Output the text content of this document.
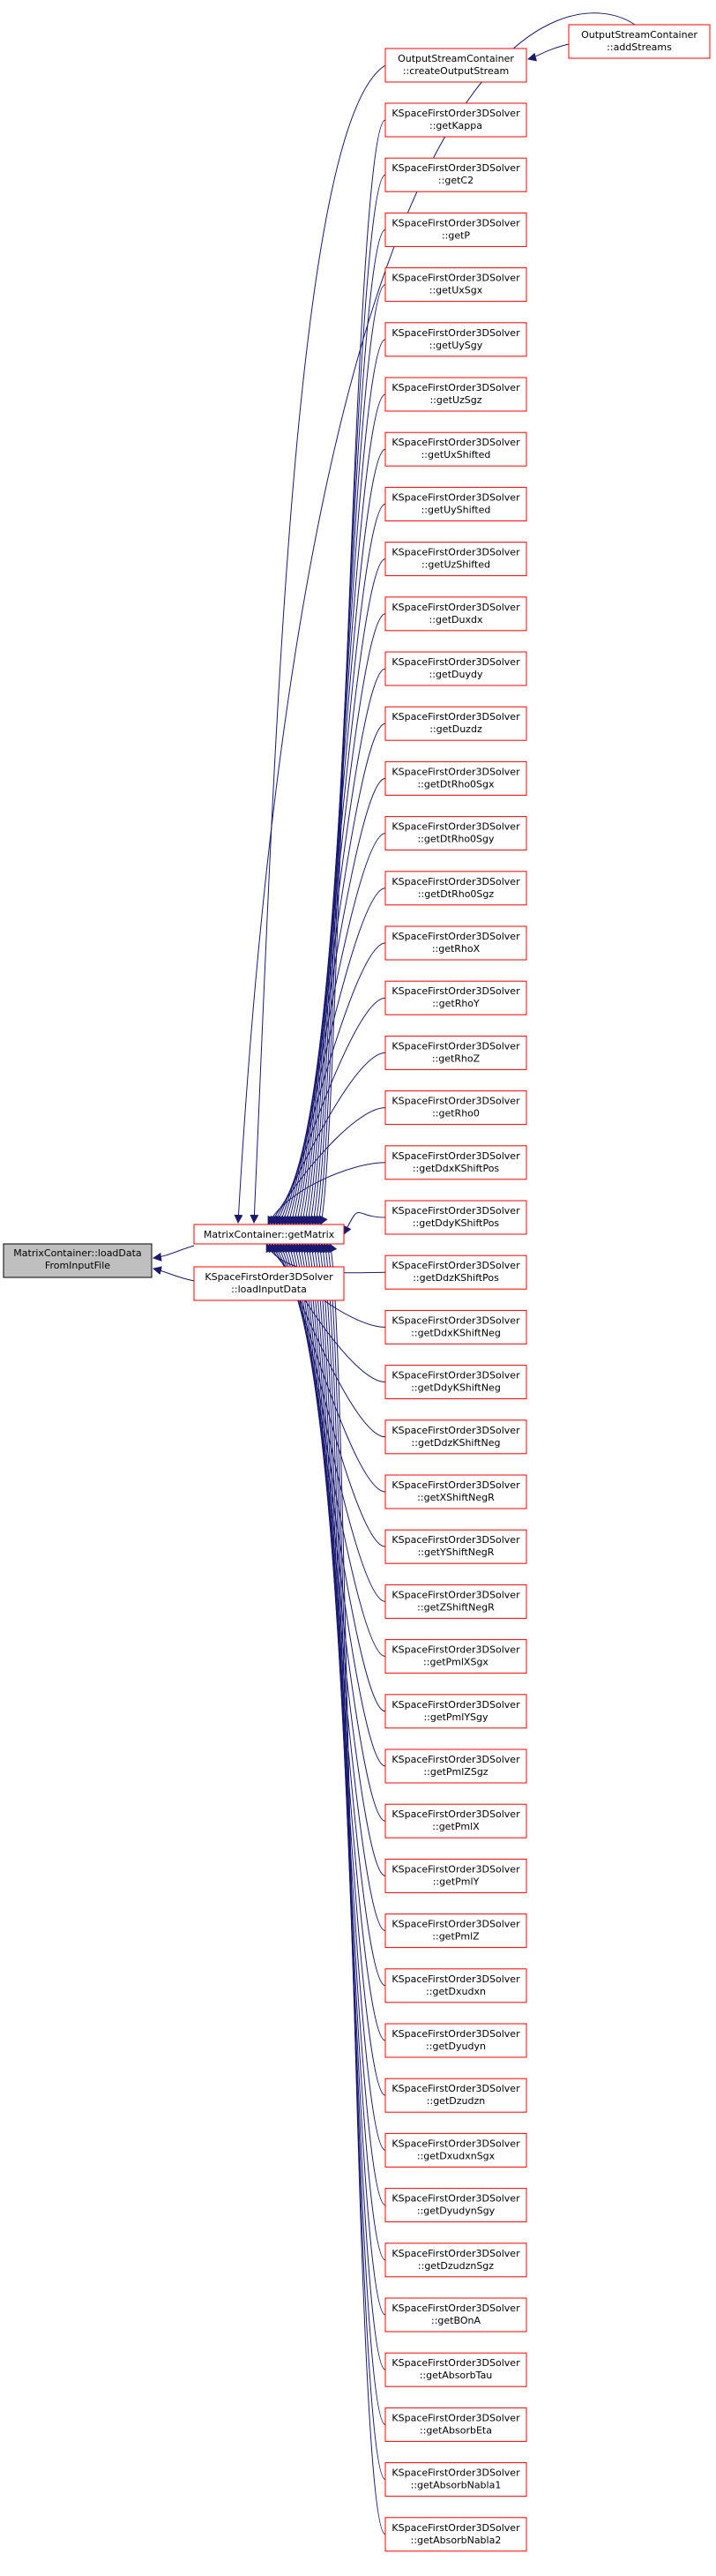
MatrixContainer::loadData
FromInputFile
MatrixContainer::getMatrix
KSpaceFirstOrder3DSolver
::loadInputData
OutputStreamContainer
::createOutputStream
OutputStreamContainer
::addStreams
KSpaceFirstOrder3DSolver
::getKappa
KSpaceFirstOrder3DSolver
::getC2
KSpaceFirstOrder3DSolver
::getP
KSpaceFirstOrder3DSolver
::getUxSgx
KSpaceFirstOrder3DSolver
::getUySgy
KSpaceFirstOrder3DSolver
::getUzSgz
KSpaceFirstOrder3DSolver
::getUxShifted
KSpaceFirstOrder3DSolver
::getUyShifted
KSpaceFirstOrder3DSolver
::getUzShifted
KSpaceFirstOrder3DSolver
::getDuxdx
KSpaceFirstOrder3DSolver
::getDuydy
KSpaceFirstOrder3DSolver
::getDuzdz
KSpaceFirstOrder3DSolver
::getDtRho0Sgx
KSpaceFirstOrder3DSolver
::getDtRho0Sgy
KSpaceFirstOrder3DSolver
::getDtRho0Sgz
KSpaceFirstOrder3DSolver
::getRhoX
KSpaceFirstOrder3DSolver
::getRhoY
KSpaceFirstOrder3DSolver
::getRhoZ
KSpaceFirstOrder3DSolver
::getRho0
KSpaceFirstOrder3DSolver
::getDdxKShiftPos
KSpaceFirstOrder3DSolver
::getDdyKShiftPos
KSpaceFirstOrder3DSolver
::getDdzKShiftPos
KSpaceFirstOrder3DSolver
::getDdxKShiftNeg
KSpaceFirstOrder3DSolver
::getDdyKShiftNeg
KSpaceFirstOrder3DSolver
::getDdzKShiftNeg
KSpaceFirstOrder3DSolver
::getXShiftNegR
KSpaceFirstOrder3DSolver
::getYShiftNegR
KSpaceFirstOrder3DSolver
::getZShiftNegR
KSpaceFirstOrder3DSolver
::getPmlXSgx
KSpaceFirstOrder3DSolver
::getPmlYSgy
KSpaceFirstOrder3DSolver
::getPmlZSgz
KSpaceFirstOrder3DSolver
::getPmlX
KSpaceFirstOrder3DSolver
::getPmlY
KSpaceFirstOrder3DSolver
::getPmlZ
KSpaceFirstOrder3DSolver
::getDxudxn
KSpaceFirstOrder3DSolver
::getDyudyn
KSpaceFirstOrder3DSolver
::getDzudzn
KSpaceFirstOrder3DSolver
::getDxudxnSgx
KSpaceFirstOrder3DSolver
::getDyudynSgy
KSpaceFirstOrder3DSolver
::getDzudznSgz
KSpaceFirstOrder3DSolver
::getBOnA
KSpaceFirstOrder3DSolver
::getAbsorbTau
KSpaceFirstOrder3DSolver
::getAbsorbEta
KSpaceFirstOrder3DSolver
::getAbsorbNabla1
KSpaceFirstOrder3DSolver
::getAbsorbNabla2
